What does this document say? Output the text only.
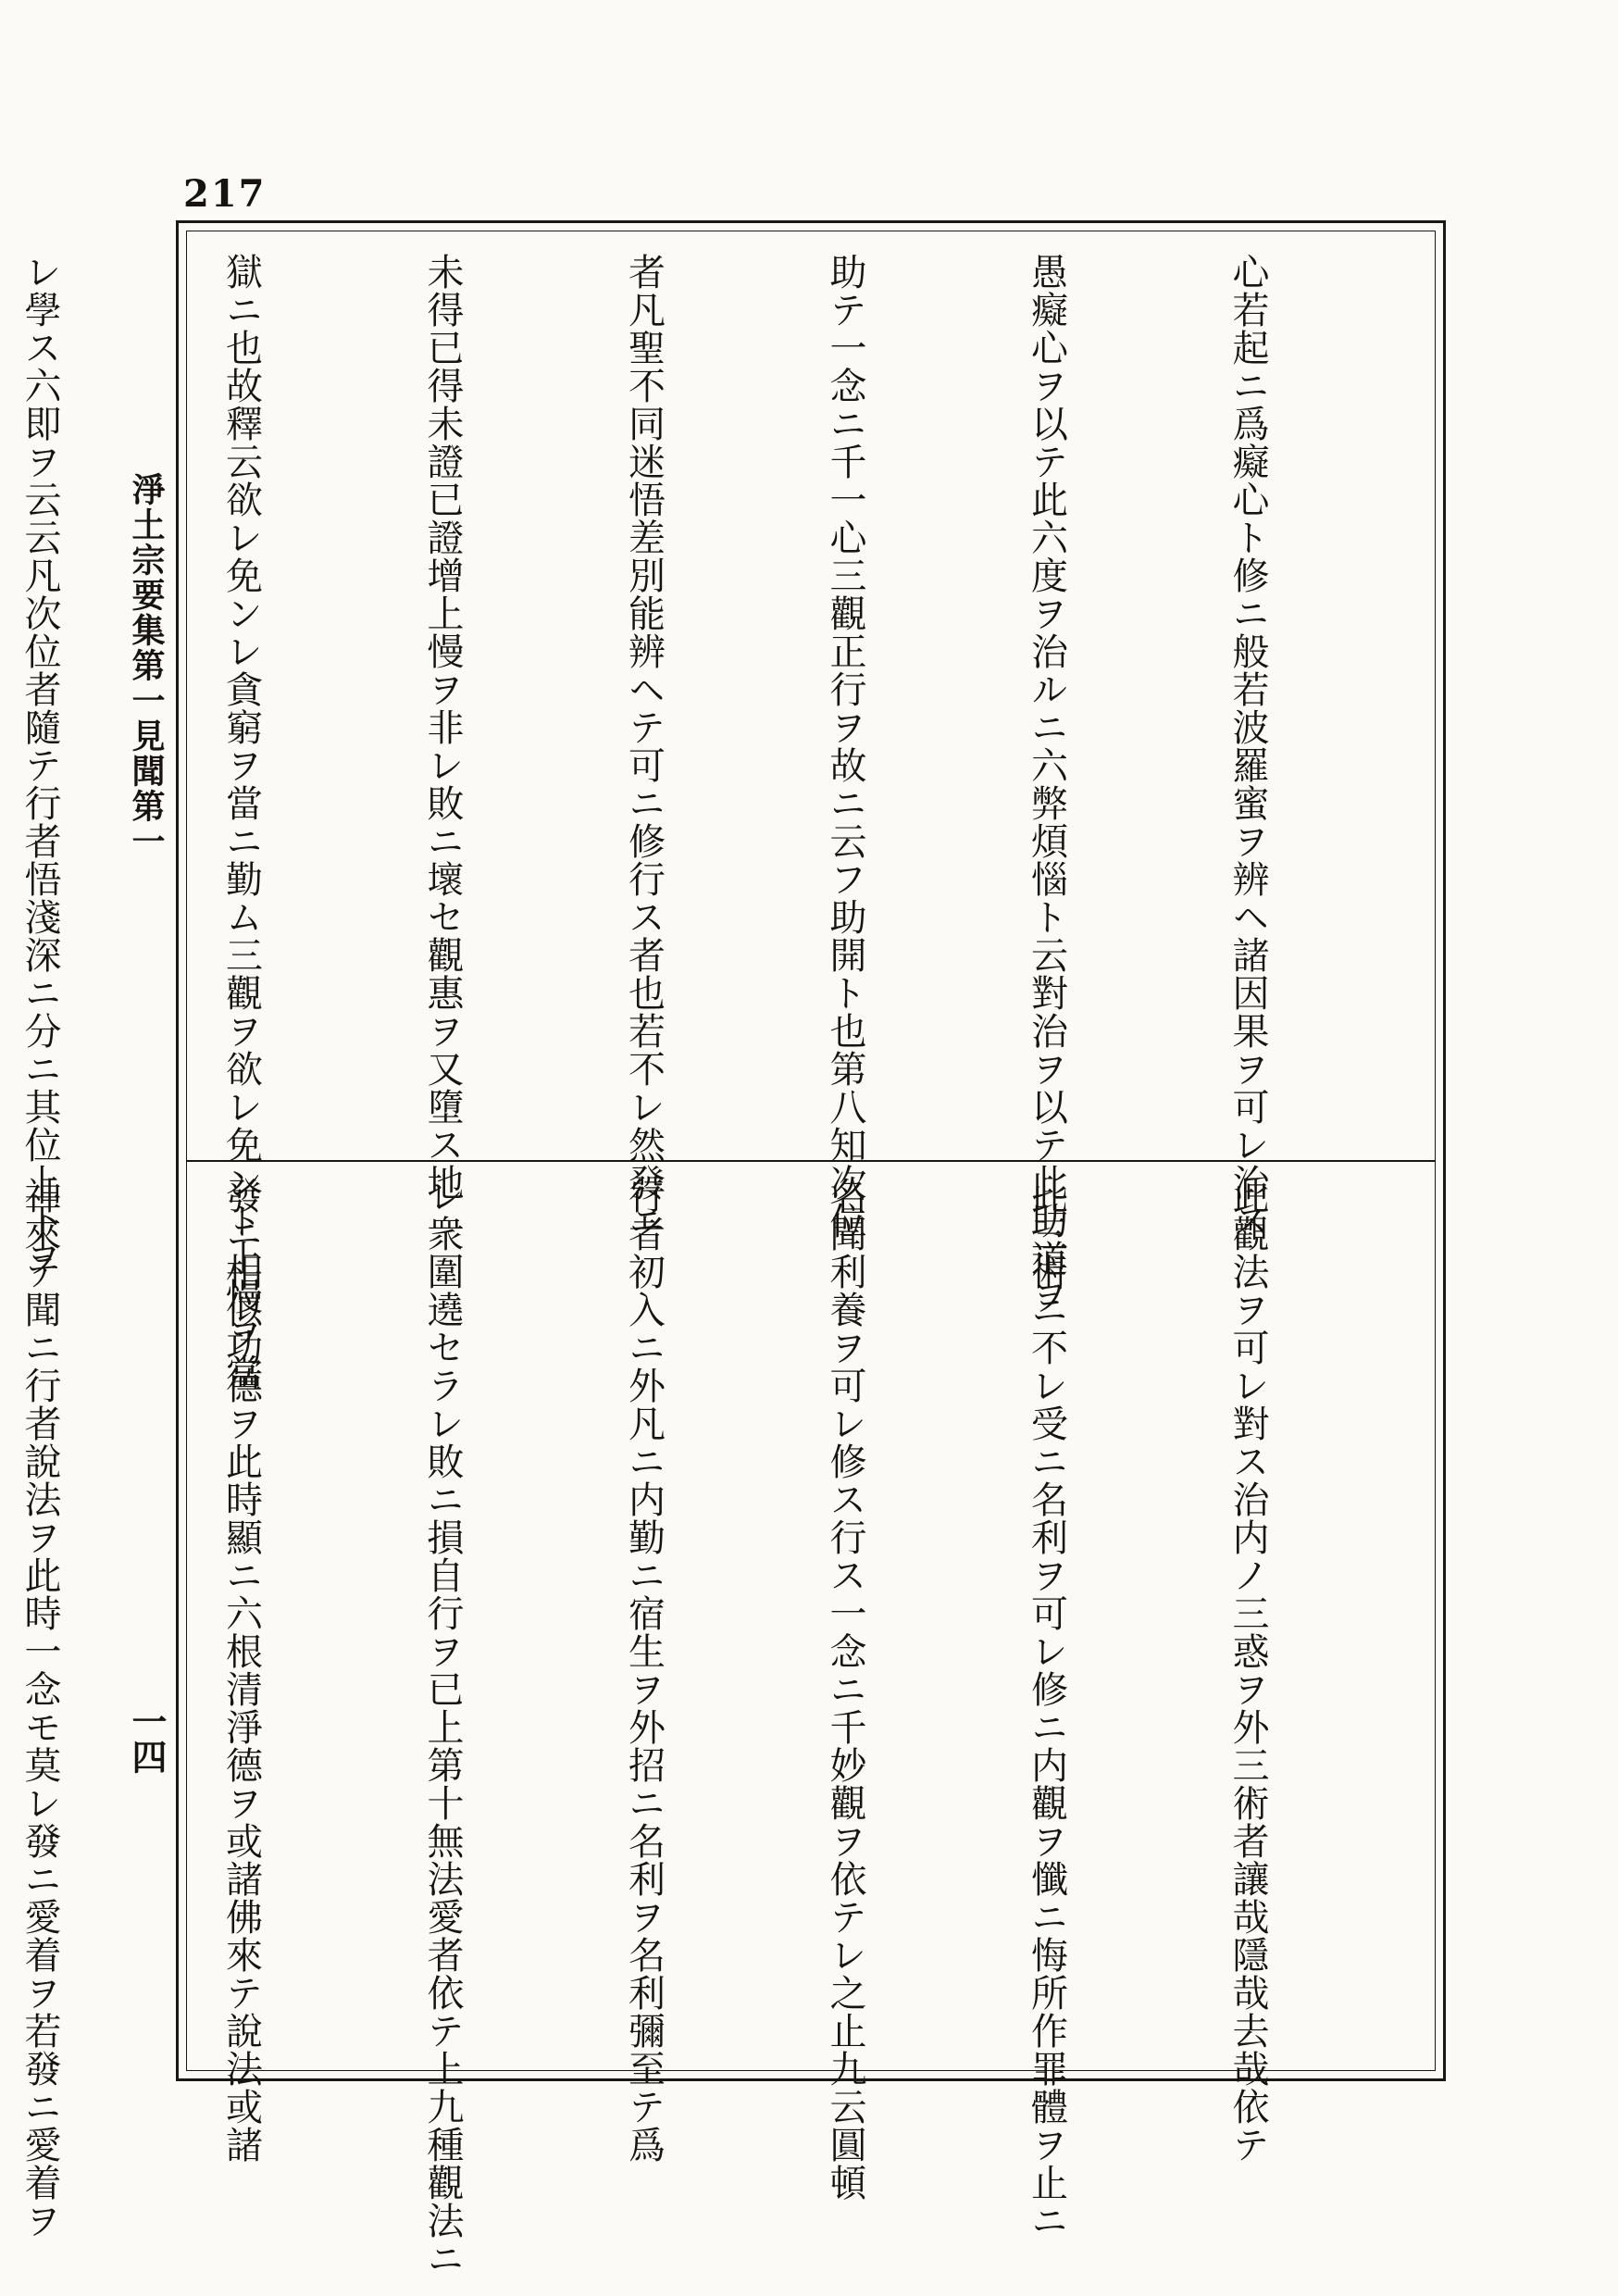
217
淨土宗要集第一見聞第一
一四

心若起ニ爲癡心ト修ニ般若波羅蜜ヲ辨ヘ諸因果ヲ可レ治ス

愚癡心ヲ以テ此六度ヲ治ルニ六弊煩惱ト云對治ヲ以テ此助道ヲ

助テ一念ニ千一心三觀正行ヲ故ニ云フ助開ト也第八知次位

者凡聖不同迷悟差別能辨ヘテ可ニ修行ス者也若不レ然發ニ

未得已得未證已證增上慢ヲ非レ敗ニ壞セ觀惠ヲ又墮ス地

獄ニ也故釋云欲レ免ンレ貪窮ヲ當ニ勤ム三觀ヲ欲レ免ント上慢ヲ當

レ學ス六即ヲ云云凡次位者隨テ行者悟淺深ニ分ニ其位上下ヲ

此觀法ヲ可レ對ス治内ノ三惑ヲ外三術者讓哉隱哉去哉依テ

此三術ニ不レ受ニ名利ヲ可レ修ニ内觀ヲ懺ニ悔所作罪體ヲ止ニ

名聞利養ヲ可レ修ス行ス一念ニ千妙觀ヲ依テレ之止九云圓頓

行者初入ニ外凡ニ内勤ニ宿生ヲ外招ニ名利ヲ名利彌至テ爲

レ衆圍遶セラレ敗ニ損自行ヲ已上第十無法愛者依テ上九種觀法ニ

發ニ相似功德ヲ此時顯ニ六根清淨德ヲ或諸佛來テ說法或諸

神來テ聞ニ行者說法ヲ此時一念モ莫レ發ニ愛着ヲ若發ニ愛着ヲ
